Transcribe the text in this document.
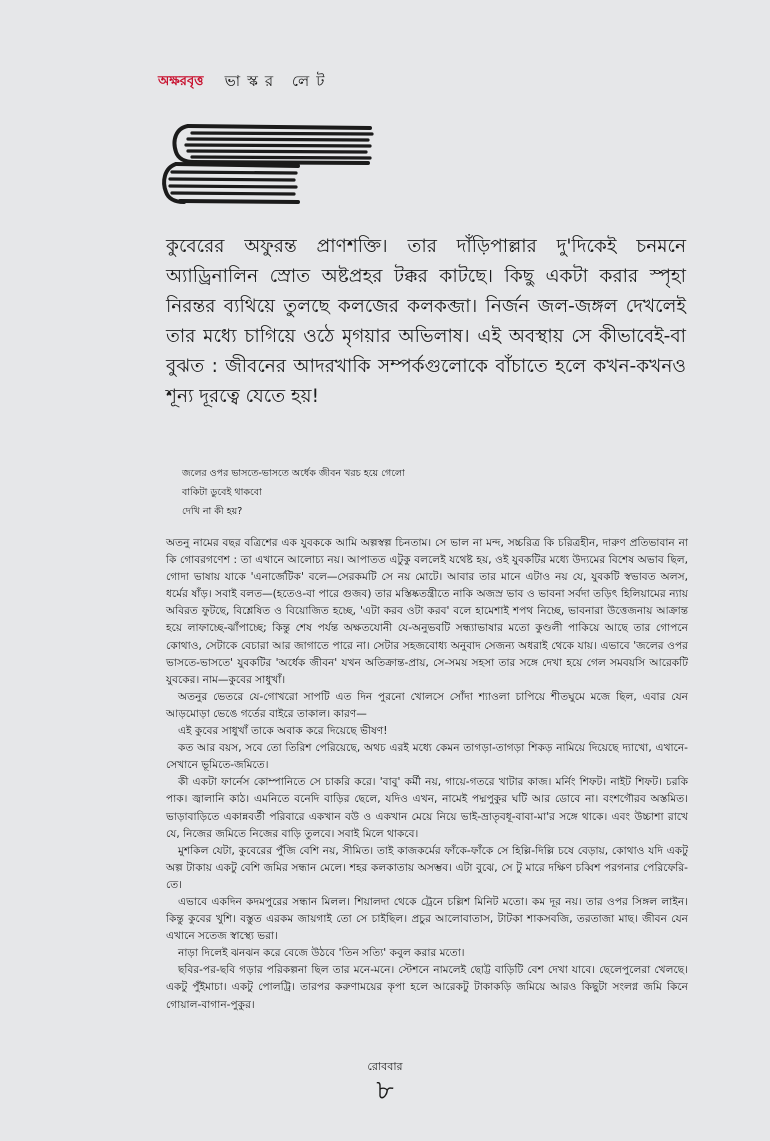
অক্ষরবৃত্ত ভাস্কর লেট
কুবেরের অফুরন্ত প্রাণশক্তি। তার দাঁড়িপাল্লার দু'দিকেই চনমনে অ্যাড্রিনালিন স্রোত অষ্টপ্রহর টক্কর কাটছে। কিছু একটা করার স্পৃহা নিরন্তর ব্যথিয়ে তুলছে কলজের কলকব্জা। নির্জন জল-জঙ্গল দেখলেই তার মধ্যে চাগিয়ে ওঠে মৃগয়ার অভিলাষ। এই অবস্থায় সে কীভাবেই-বা বুঝত : জীবনের আদরখাকি সম্পর্কগুলোকে বাঁচাতে হলে কখন-কখনও শূন্য দূরত্বে যেতে হয়!
জলের ওপর ভাসতে-ভাসতে অর্ধেক জীবন খরচ হয়ে গেলো
বাকিটা ডুবেই থাকবো
দেখি না কী হয়?

অতনু নামের বছর বত্রিশের এক যুবককে আমি অল্পস্বল্প চিনতাম। সে ভাল না মন্দ, সচ্চরিত্র কি চরিত্রহীন, দারুণ প্রতিভাবান না কি গোবরগণেশ : তা এখানে আলোচ্য নয়। আপাতত এটুকু বললেই যথেষ্ট হয়, ওই যুবকটির মধ্যে উদ্যমের বিশেষ অভাব ছিল, গোদা ভাষায় যাকে 'এনার্জেটিক' বলে—সেরকমটি সে নয় মোটে। আবার তার মানে এটাও নয় যে, যুবকটি স্বভাবত অলস, ধর্মের ষাঁড়। সবাই বলত—(হতেও-বা পারে গুজব) তার মস্তিষ্কতন্ত্রীতে নাকি অজস্র ভাব ও ভাবনা সর্বদা তড়িৎ হিলিয়ামের ন্যায় অবিরত ফুটছে, বিশ্লেষিত ও বিয়োজিত হচ্ছে, 'এটা করব ওটা করব' বলে হামেশাই শপথ নিচ্ছে, ভাবনারা উত্তেজনায় আক্রান্ত হয়ে লাফাচ্ছে-ঝাঁপাচ্ছে; কিন্তু শেষ পর্যন্ত অক্ষতযোনী যে-অনুভবটি সন্ধ্যাভাষার মতো কুণ্ডলী পাকিয়ে আছে তার গোপনে কোথাও, সেটাকে বেচারা আর জাগাতে পারে না। সেটার সহজবোধ্য অনুবাদ সেজন্য অধরাই থেকে যায়। এভাবে 'জলের ওপর ভাসতে-ভাসতে' যুবকটির 'অর্ধেক জীবন' যখন অতিক্রান্ত-প্রায়, সে-সময় সহসা তার সঙ্গে দেখা হয়ে গেল সমবয়সি আরেকটি যুবকের। নাম—কুবের সাধুখাঁ।

অতনুর ভেতরে যে-গোখরো সাপটি এত দিন পুরনো খোলসে সোঁদা শ্যাওলা চাপিয়ে শীতঘুমে মজে ছিল, এবার যেন আড়মোড়া ভেঙে গর্তের বাইরে তাকাল। কারণ—

এই কুবের সাধুখাঁ তাকে অবাক করে দিয়েছে ভীষণ!

কত আর বয়স, সবে তো তিরিশ পেরিয়েছে, অথচ এরই মধ্যে কেমন তাগড়া-তাগড়া শিকড় নামিয়ে দিয়েছে দ্যাখো, এখানে-সেখানে ভূমিতে-জমিতে।

কী একটা ফার্নেস কোম্পানিতে সে চাকরি করে। 'বাবু' কর্মী নয়, গায়ে-গতরে খাটার কাজ। মর্নিং শিফট। নাইট শিফট। চরকি পাক। জ্বালানি কাঠ। এমনিতে বনেদি বাড়ির ছেলে, যদিও এখন, নামেই পদ্মপুকুর ঘটি আর ডোবে না। বংশগৌরব অস্তমিত। ভাড়াবাড়িতে একান্নবর্তী পরিবারে একখান বউ ও একখান মেয়ে নিয়ে ভাই-ভ্রাতৃবধূ-বাবা-মা'র সঙ্গে থাকে। এবং উচ্চাশা রাখে যে, নিজের জমিতে নিজের বাড়ি তুলবে। সবাই মিলে থাকবে।

মুশকিল যেটা, কুবেরের পুঁজি বেশি নয়, সীমিত। তাই কাজকর্মের ফাঁকে-ফাঁকে সে হিল্লি-দিল্লি চষে বেড়ায়, কোথাও যদি একটু অল্প টাকায় একটু বেশি জমির সন্ধান মেলে। শহর কলকাতায় অসম্ভব। এটা বুঝে, সে টু মারে দক্ষিণ চব্বিশ পরগনার পেরিফেরি-তে।

এভাবে একদিন কদমপুরের সন্ধান মিলল। শিয়ালদা থেকে ট্রেনে চল্লিশ মিনিট মতো। কম দূর নয়। তার ওপর সিঙ্গল লাইন। কিন্তু কুবের খুশি। বস্তুত এরকম জায়গাই তো সে চাইছিল। প্রচুর আলোবাতাস, টাটকা শাকসবজি, তরতাজা মাছ। জীবন যেন এখানে সতেজ স্বাস্থ্যে ভরা।

নাড়া দিলেই ঝনঝন করে বেজে উঠবে 'তিন সত্যি' কবুল করার মতো।

ছবির-পর-ছবি গড়ার পরিকল্পনা ছিল তার মনে-মনে। স্টেশনে নামলেই ছোট্ট বাড়িটি বেশ দেখা যাবে। ছেলেপুলেরা খেলছে। একটু পুঁইমাচা। একটু পোলট্রি। তারপর করুণাময়ের কৃপা হলে আরেকটু টাকাকড়ি জমিয়ে আরও কিছুটা সংলগ্ন জমি কিনে গোয়াল-বাগান-পুকুর।

রোববার
৮
